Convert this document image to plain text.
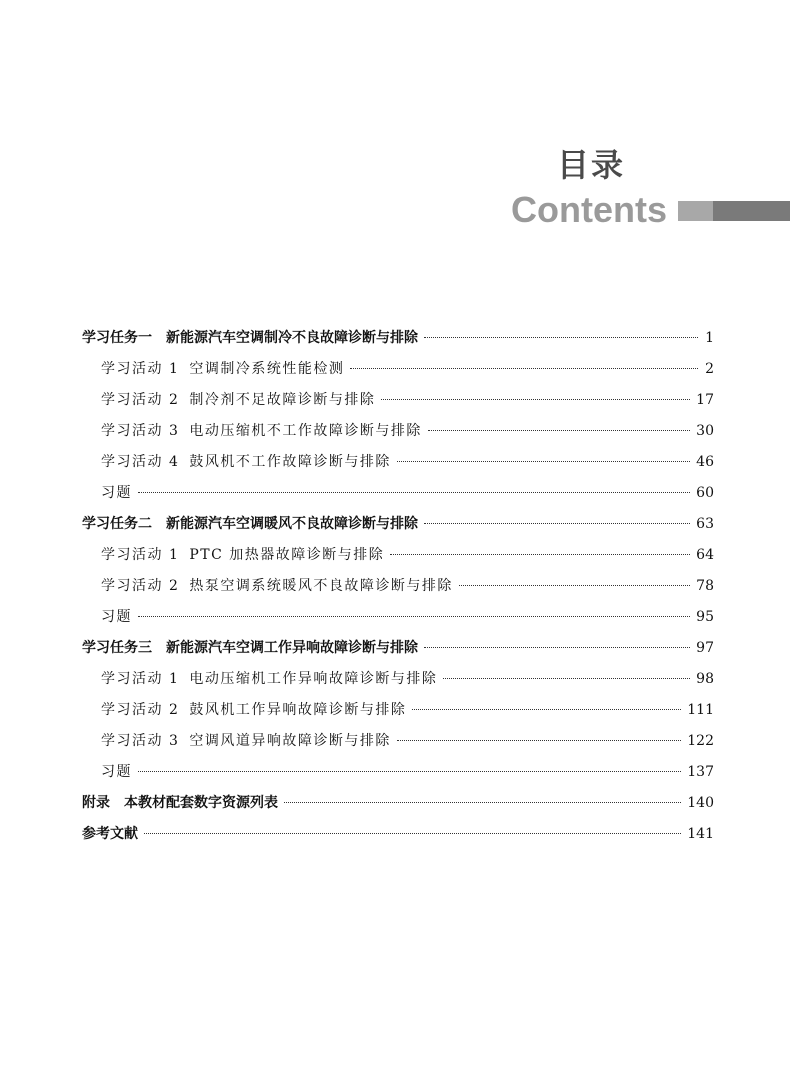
目录
Contents
学习任务一 新能源汽车空调制冷不良故障诊断与排除	1
学习活动 1 空调制冷系统性能检测	2
学习活动 2 制冷剂不足故障诊断与排除	17
学习活动 3 电动压缩机不工作故障诊断与排除	30
学习活动 4 鼓风机不工作故障诊断与排除	46
习题	60
学习任务二 新能源汽车空调暖风不良故障诊断与排除	63
学习活动 1 PTC 加热器故障诊断与排除	64
学习活动 2 热泵空调系统暖风不良故障诊断与排除	78
习题	95
学习任务三 新能源汽车空调工作异响故障诊断与排除	97
学习活动 1 电动压缩机工作异响故障诊断与排除	98
学习活动 2 鼓风机工作异响故障诊断与排除	111
学习活动 3 空调风道异响故障诊断与排除	122
习题	137
附录 本教材配套数字资源列表	140
参考文献	141
